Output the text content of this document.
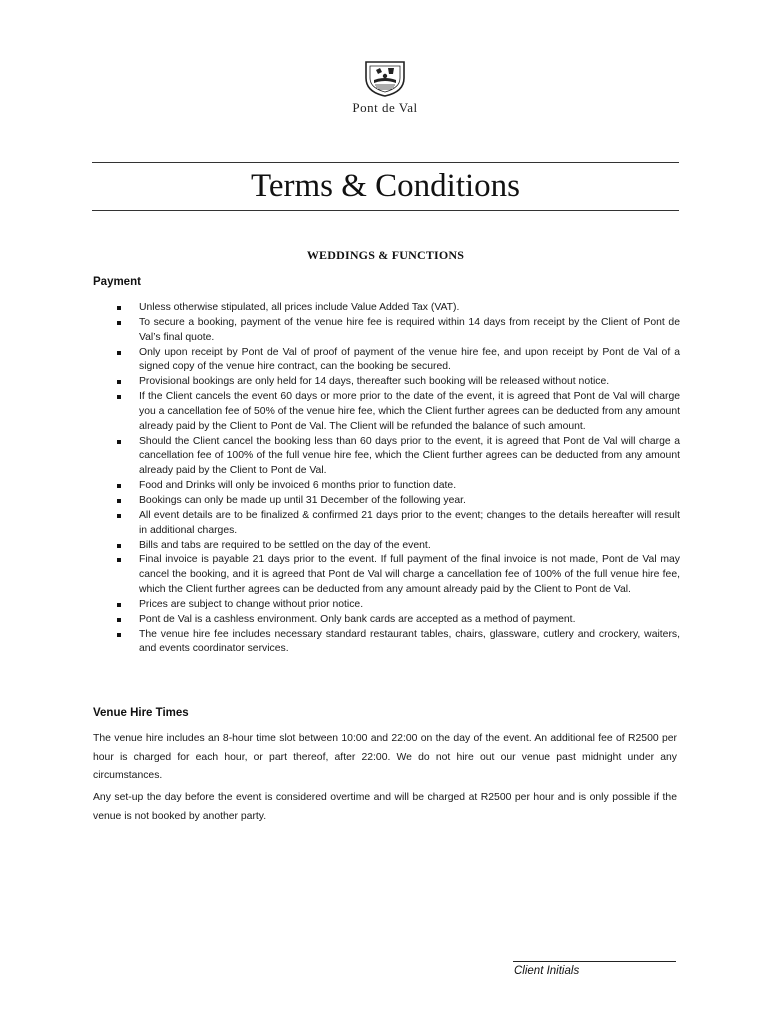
Pont de Val
Terms & Conditions
WEDDINGS & FUNCTIONS
Payment
Unless otherwise stipulated, all prices include Value Added Tax (VAT).
To secure a booking, payment of the venue hire fee is required within 14 days from receipt by the Client of Pont de Val’s final quote.
Only upon receipt by Pont de Val of proof of payment of the venue hire fee, and upon receipt by Pont de Val of a signed copy of the venue hire contract, can the booking be secured.
Provisional bookings are only held for 14 days, thereafter such booking will be released without notice.
If the Client cancels the event 60 days or more prior to the date of the event, it is agreed that Pont de Val will charge you a cancellation fee of 50% of the venue hire fee, which the Client further agrees can be deducted from any amount already paid by the Client to Pont de Val. The Client will be refunded the balance of such amount.
Should the Client cancel the booking less than 60 days prior to the event, it is agreed that Pont de Val will charge a cancellation fee of 100% of the full venue hire fee, which the Client further agrees can be deducted from any amount already paid by the Client to Pont de Val.
Food and Drinks will only be invoiced 6 months prior to function date.
Bookings can only be made up until 31 December of the following year.
All event details are to be finalized & confirmed 21 days prior to the event; changes to the details hereafter will result in additional charges.
Bills and tabs are required to be settled on the day of the event.
Final invoice is payable 21 days prior to the event. If full payment of the final invoice is not made, Pont de Val may cancel the booking, and it is agreed that Pont de Val will charge a cancellation fee of 100% of the full venue hire fee, which the Client further agrees can be deducted from any amount already paid by the Client to Pont de Val.
Prices are subject to change without prior notice.
Pont de Val is a cashless environment. Only bank cards are accepted as a method of payment.
The venue hire fee includes necessary standard restaurant tables, chairs, glassware, cutlery and crockery, waiters, and events coordinator services.
Venue Hire Times

The venue hire includes an 8-hour time slot between 10:00 and 22:00 on the day of the event. An additional fee of R2500 per hour is charged for each hour, or part thereof, after 22:00. We do not hire out our venue past midnight under any circumstances.

Any set-up the day before the event is considered overtime and will be charged at R2500 per hour and is only possible if the venue is not booked by another party.

Client Initials
